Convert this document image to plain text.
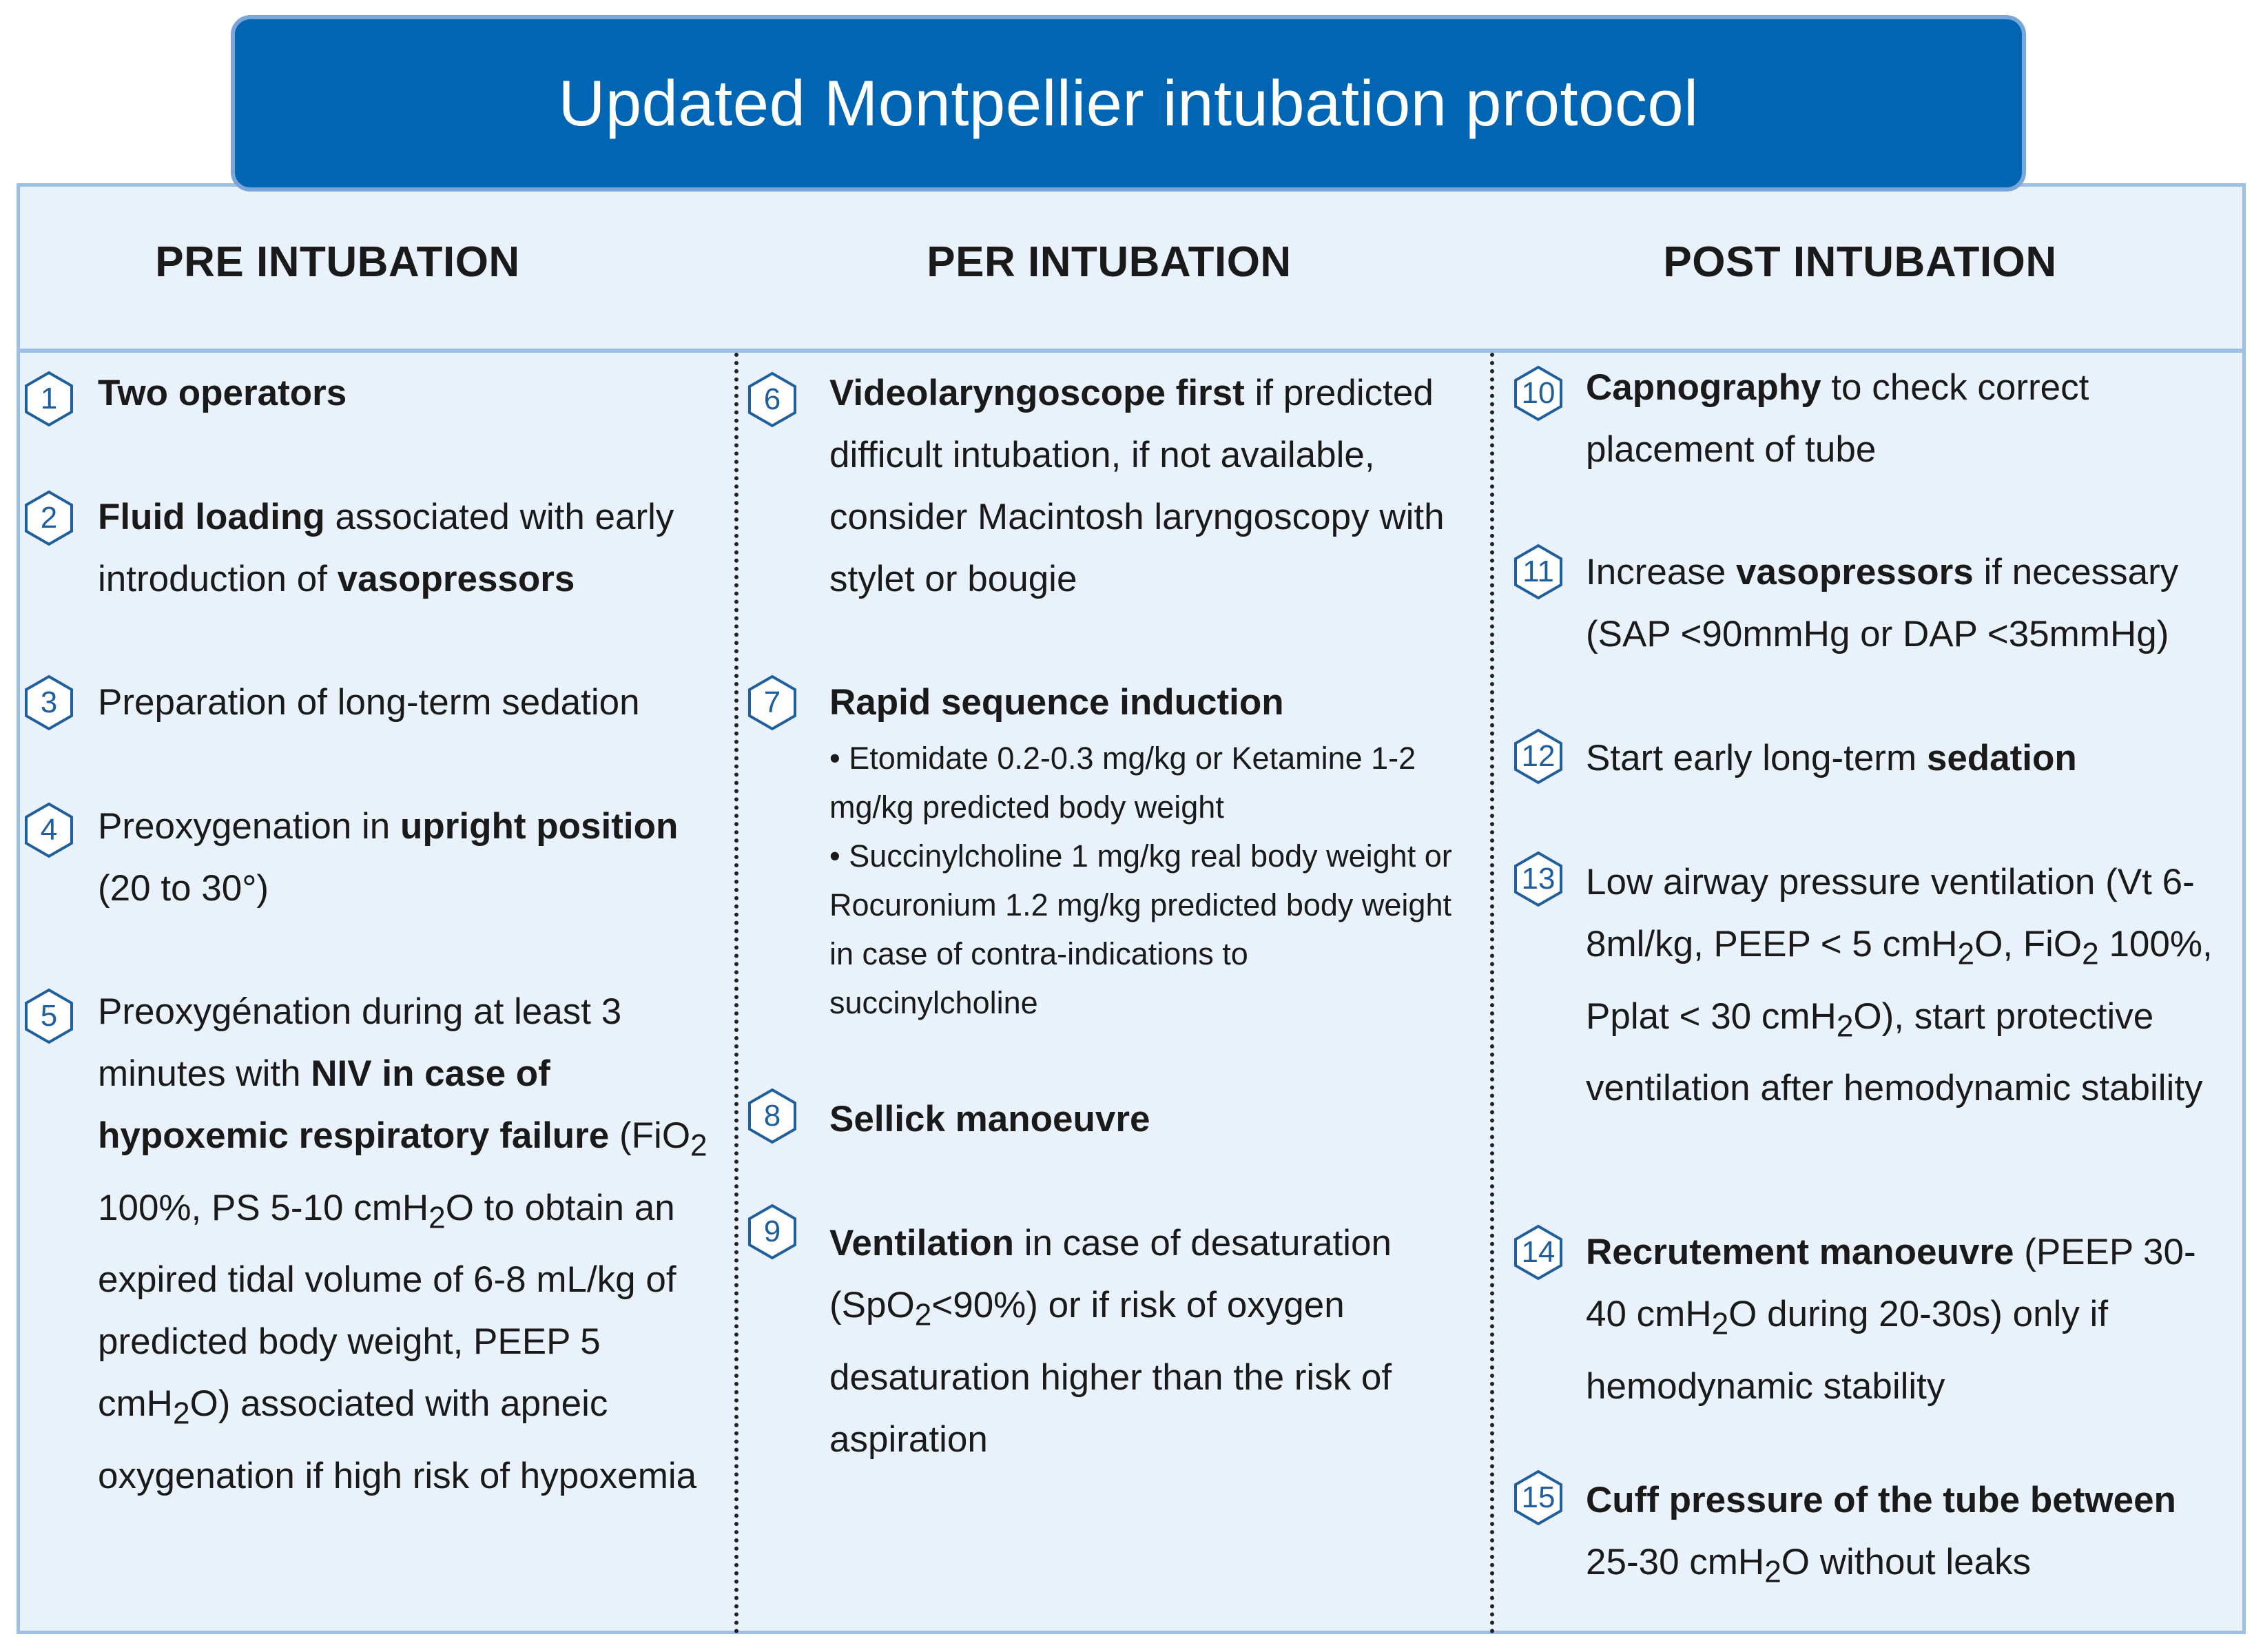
Updated Montpellier intubation protocol
PRE INTUBATION	PER INTUBATION	POST INTUBATION
1
2
3
4
5
6
7
8
9
10
11
12
13
14
15
Two operators
Fluid loading associated with early introduction of vasopressors
Preparation of long-term sedation
Preoxygenation in upright position (20 to 30°)
Preoxygénation during at least 3 minutes with NIV in case of hypoxemic respiratory failure (FiO$_2$ 100%, PS 5-10 cmH$_2$O to obtain an expired tidal volume of 6-8 mL/kg of predicted body weight, PEEP 5 cmH$_2$O) associated with apneic oxygenation if high risk of hypoxemia
Videolaryngoscope first if predicted difficult intubation, if not available, consider Macintosh laryngoscopy with stylet or bougie
Rapid sequence induction
• Etomidate 0.2-0.3 mg/kg or Ketamine 1-2 mg/kg predicted body weight
• Succinylcholine 1 mg/kg real body weight or Rocuronium 1.2 mg/kg predicted body weight in case of contra-indications to succinylcholine
Sellick manoeuvre
Ventilation in case of desaturation (SpO$_2$<90%) or if risk of oxygen desaturation higher than the risk of aspiration
Capnography to check correct placement of tube
Increase vasopressors if necessary (SAP <90mmHg or DAP <35mmHg)
Start early long-term sedation
Low airway pressure ventilation (Vt 6-8ml/kg, PEEP < 5 cmH$_2$O, FiO$_2$ 100%, Pplat < 30 cmH$_2$O), start protective ventilation after hemodynamic stability
Recrutement manoeuvre (PEEP 30-40 cmH$_2$O during 20-30s) only if hemodynamic stability
Cuff pressure of the tube between 25-30 cmH$_2$O without leaks
